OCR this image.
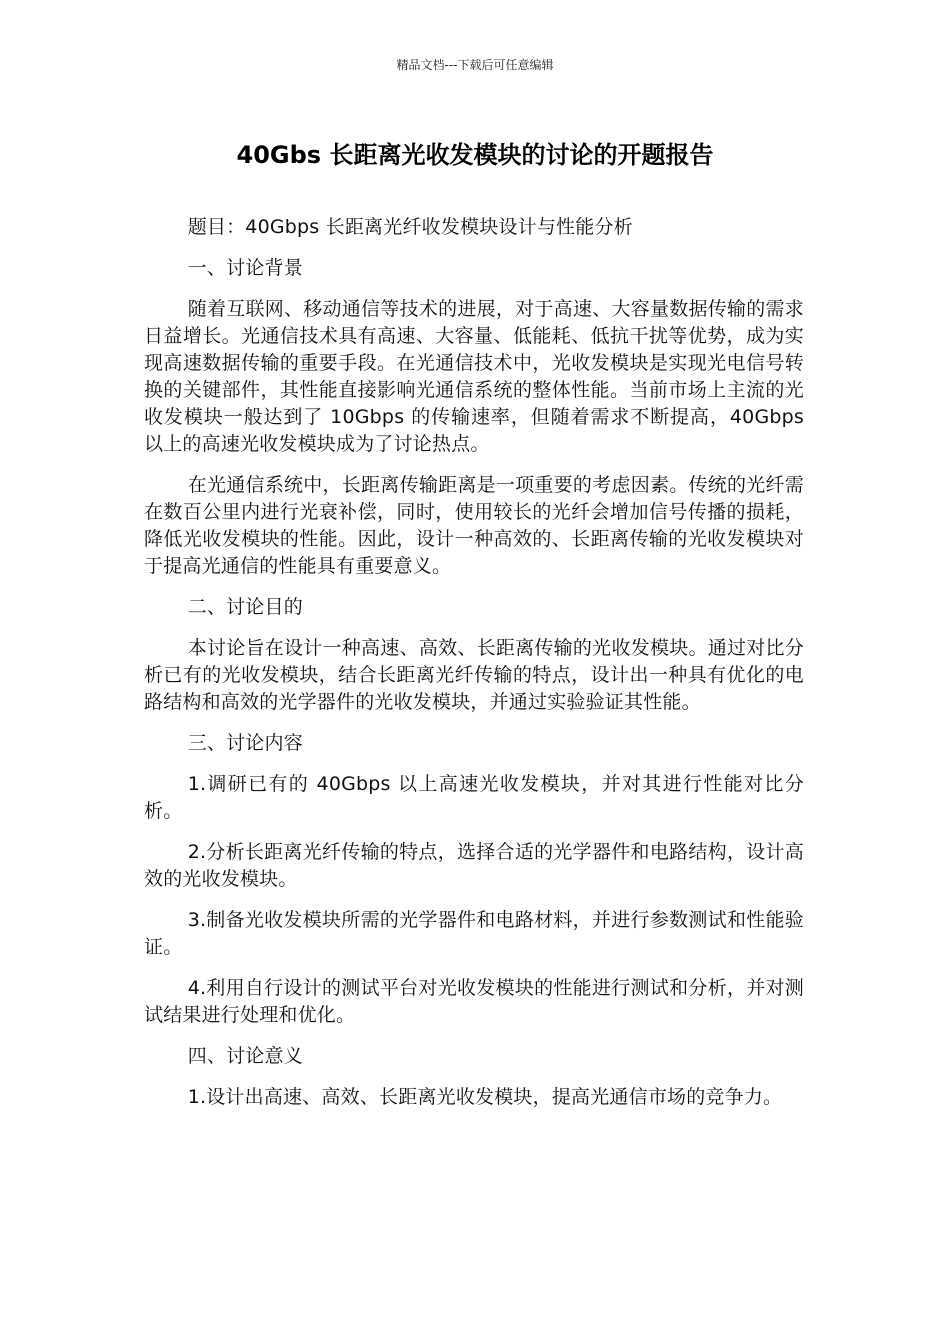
精品文档---下载后可任意编辑
40Gbs 长距离光收发模块的讨论的开题报告

题目：40Gbps 长距离光纤收发模块设计与性能分析

一、讨论背景

随着互联网、移动通信等技术的进展，对于高速、大容量数据传输的需求日益增长。光通信技术具有高速、大容量、低能耗、低抗干扰等优势，成为实现高速数据传输的重要手段。在光通信技术中，光收发模块是实现光电信号转换的关键部件，其性能直接影响光通信系统的整体性能。当前市场上主流的光收发模块一般达到了 10Gbps 的传输速率，但随着需求不断提高，40Gbps 以上的高速光收发模块成为了讨论热点。

在光通信系统中，长距离传输距离是一项重要的考虑因素。传统的光纤需在数百公里内进行光衰补偿，同时，使用较长的光纤会增加信号传播的损耗，降低光收发模块的性能。因此，设计一种高效的、长距离传输的光收发模块对于提高光通信的性能具有重要意义。

二、讨论目的

本讨论旨在设计一种高速、高效、长距离传输的光收发模块。通过对比分析已有的光收发模块，结合长距离光纤传输的特点，设计出一种具有优化的电路结构和高效的光学器件的光收发模块，并通过实验验证其性能。

三、讨论内容

1.调研已有的 40Gbps 以上高速光收发模块，并对其进行性能对比分析。

2.分析长距离光纤传输的特点，选择合适的光学器件和电路结构，设计高效的光收发模块。

3.制备光收发模块所需的光学器件和电路材料，并进行参数测试和性能验证。

4.利用自行设计的测试平台对光收发模块的性能进行测试和分析，并对测试结果进行处理和优化。

四、讨论意义

1.设计出高速、高效、长距离光收发模块，提高光通信市场的竞争力。
